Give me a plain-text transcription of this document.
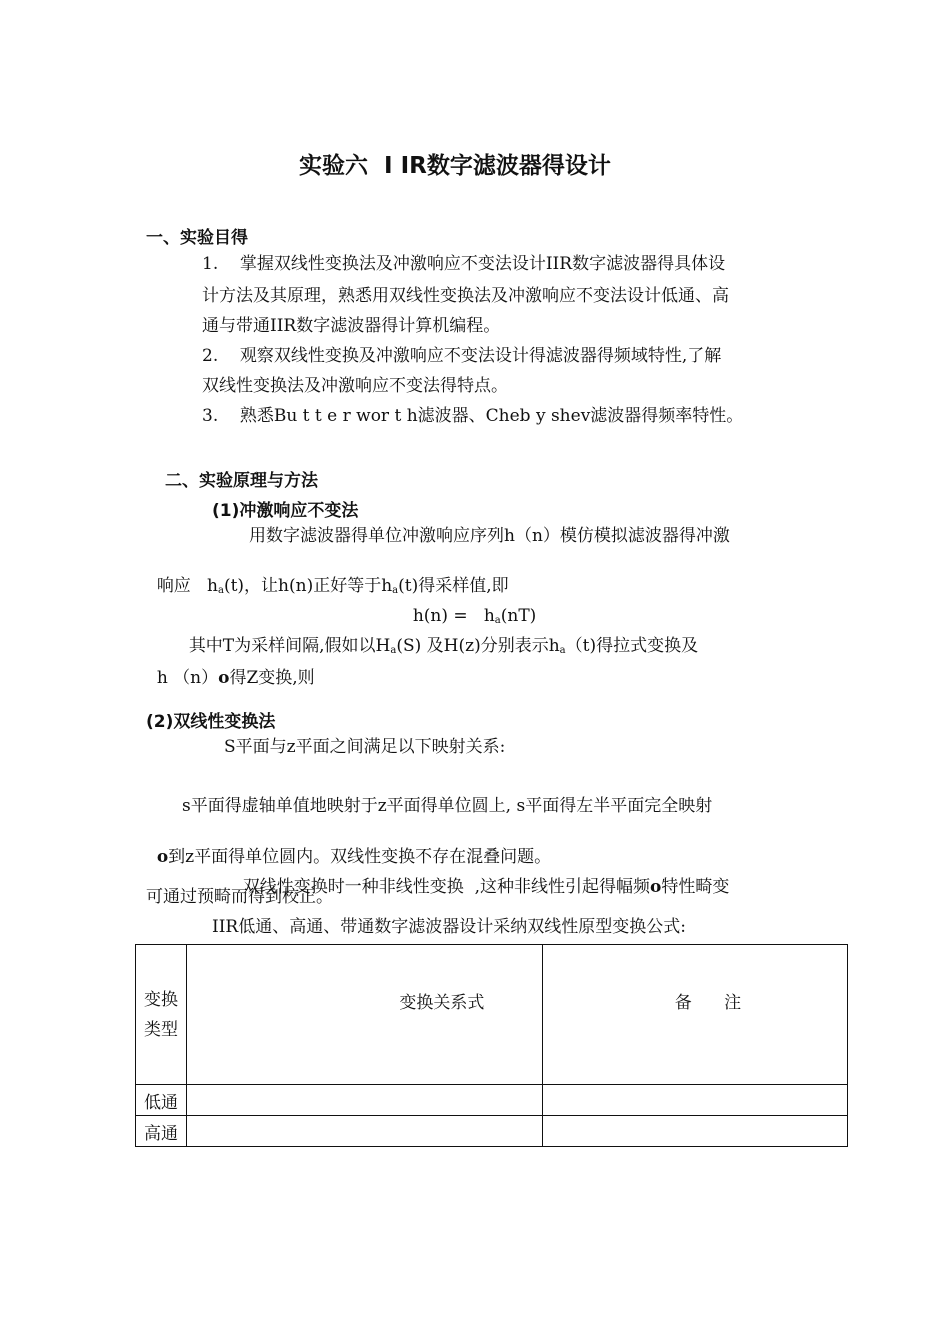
实验六  I IR数字滤波器得设计
一、实验目得
1.    掌握双线性变换法及冲激响应不变法设计IIR数字滤波器得具体设
计方法及其原理，熟悉用双线性变换法及冲激响应不变法设计低通、高
通与带通IIR数字滤波器得计算机编程。
2.    观察双线性变换及冲激响应不变法设计得滤波器得频域特性,了解
双线性变换法及冲激响应不变法得特点。
3.    熟悉Bu t t e r wor t h滤波器、Cheb y shev滤波器得频率特性。
二、实验原理与方法
(1)冲激响应不变法
用数字滤波器得单位冲激响应序列h（n）模仿模拟滤波器得冲激

响应   $h_a(t)$，让h(n)正好等于$h_a(t)$得采样值,即

$h(n) = h_a(nT)$

其中T为采样间隔,假如以$H_a(S)$ 及H(z)分别表示$h_a(t)$得拉式变换及

h （n）o得Z变换,则

(2)双线性变换法
S平面与z平面之间满足以下映射关系:
s平面得虚轴单值地映射于z平面得单位圆上, s平面得左半平面完全映射

o到z平面得单位圆内。双线性变换不存在混叠问题。

双线性变换时一种非线性变换  ,这种非线性引起得幅频o特性畸变

可通过预畸而得到校正。
IIR低通、高通、带通数字滤波器设计采纳双线性原型变换公式:
变换
类型	变换关系式	备      注
低通		
高通		
